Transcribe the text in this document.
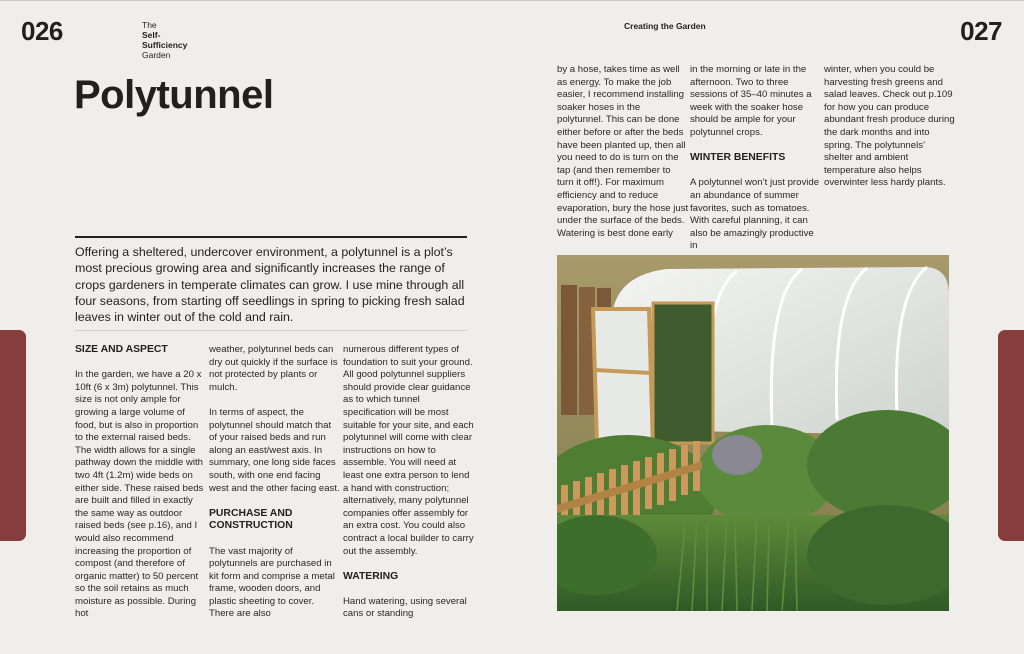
026	The
Self-
Sufficiency
Garden
Polytunnel

Offering a sheltered, undercover environment, a polytunnel is a plot’s most precious growing area and significantly increases the range of crops gardeners in temperate climates can grow. I use mine through all four seasons, from starting off seedlings in spring to picking fresh salad leaves in winter out of the cold and rain.

SIZE AND ASPECT

In the garden, we have a 20 x 10ft (6 x 3m) polytunnel. This size is not only ample for growing a large volume of food, but is also in proportion to the external raised beds. The width allows for a single pathway down the middle with two 4ft (1.2m) wide beds on either side. These raised beds are built and filled in exactly the same way as outdoor raised beds (see p.16), and I would also recommend increasing the proportion of compost (and therefore of organic matter) to 50 percent so the soil retains as much moisture as possible. During hot

weather, polytunnel beds can dry out quickly if the surface is not protected by plants or mulch.

In terms of aspect, the polytunnel should match that of your raised beds and run along an east/west axis. In summary, one long side faces south, with one end facing west and the other facing east.

PURCHASE AND CONSTRUCTION

The vast majority of polytunnels are purchased in kit form and comprise a metal frame, wooden doors, and plastic sheeting to cover. There are also

numerous different types of foundation to suit your ground. All good polytunnel suppliers should provide clear guidance as to which tunnel specification will be most suitable for your site, and each polytunnel will come with clear instructions on how to assemble. You will need at least one extra person to lend a hand with construction; alternatively, many polytunnel companies offer assembly for an extra cost. You could also contract a local builder to carry out the assembly.

WATERING

Hand watering, using several cans or standing

Creating the Garden	027

by a hose, takes time as well as energy. To make the job easier, I recommend installing soaker hoses in the polytunnel. This can be done either before or after the beds have been planted up, then all you need to do is turn on the tap (and then remember to turn it off!). For maximum efficiency and to reduce evaporation, bury the hose just under the surface of the beds. Watering is best done early

in the morning or late in the afternoon. Two to three sessions of 35–40 minutes a week with the soaker hose should be ample for your polytunnel crops.

WINTER BENEFITS

A polytunnel won’t just provide an abundance of summer favorites, such as tomatoes. With careful planning, it can also be amazingly productive in

winter, when you could be harvesting fresh greens and salad leaves. Check out p.109 for how you can produce abundant fresh produce during the dark months and into spring. The polytunnels’ shelter and ambient temperature also helps overwinter less hardy plants.
